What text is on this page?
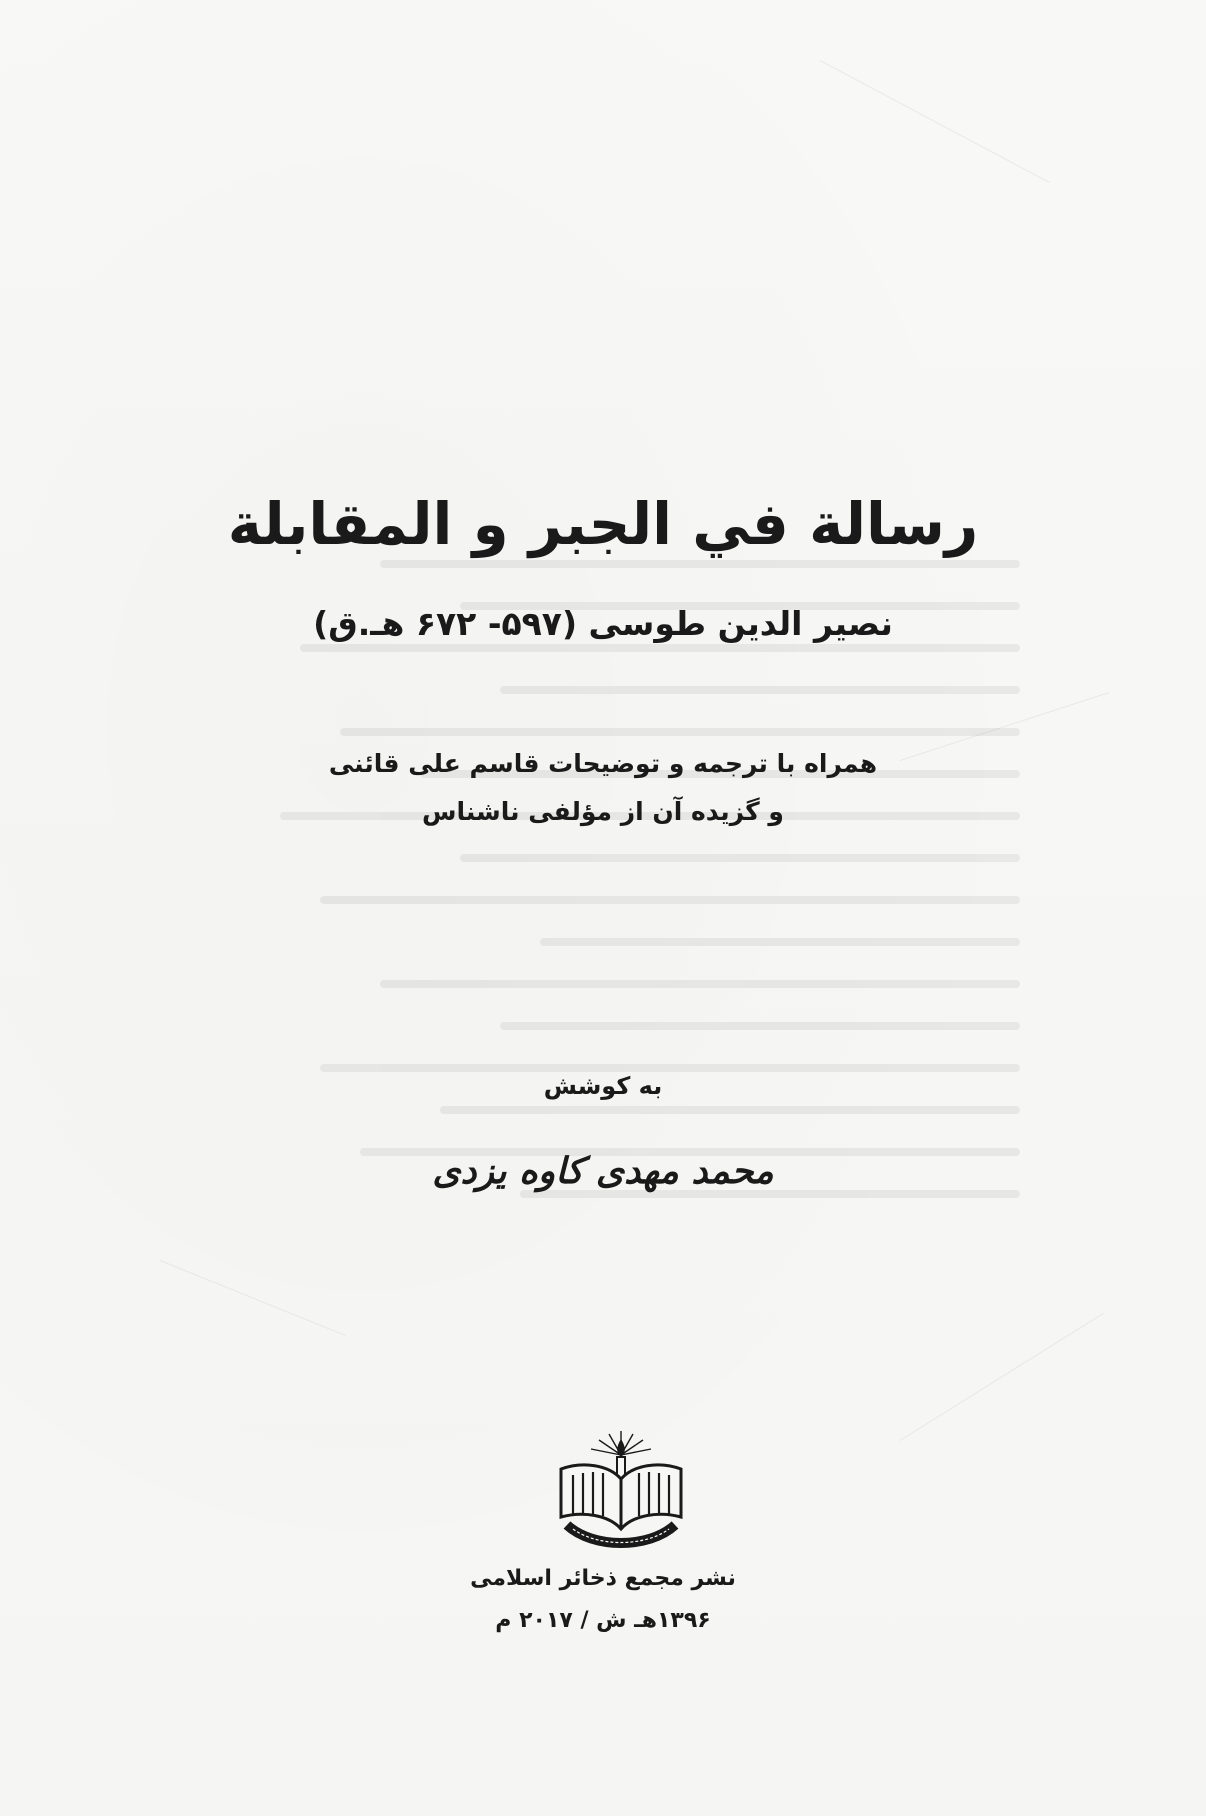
رسالة في الجبر و المقابلة
نصير الدين طوسی (۵۹۷- ۶۷۲ هـ.ق)
همراه با ترجمه و توضیحات قاسم علی قائنی
و گزیده آن از مؤلفی ناشناس
به کوشش
محمد مهدی کاوه یزدی
نشر مجمع ذخائر اسلامی
۱۳۹۶هـ ش / ۲۰۱۷ م
